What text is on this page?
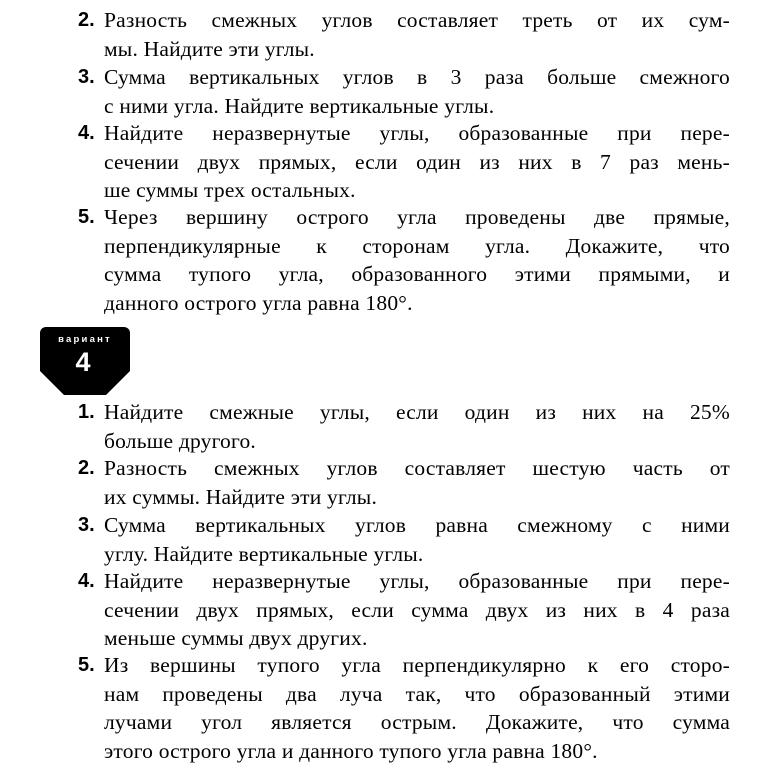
2. Разность смежных углов составляет треть от их сум-
мы. Найдите эти углы.
3. Сумма вертикальных углов в 3 раза больше смежного
с ними угла. Найдите вертикальные углы.
4. Найдите неразвернутые углы, образованные при пере-
сечении двух прямых, если один из них в 7 раз мень-
ше суммы трех остальных.
5. Через вершину острого угла проведены две прямые,
перпендикулярные к сторонам угла. Докажите, что
сумма тупого угла, образованного этими прямыми, и
данного острого угла равна 180°.
вариант
4
1. Найдите смежные углы, если один из них на 25%
больше другого.
2. Разность смежных углов составляет шестую часть от
их суммы. Найдите эти углы.
3. Сумма вертикальных углов равна смежному с ними
углу. Найдите вертикальные углы.
4. Найдите неразвернутые углы, образованные при пере-
сечении двух прямых, если сумма двух из них в 4 раза
меньше суммы двух других.
5. Из вершины тупого угла перпендикулярно к его сторо-
нам проведены два луча так, что образованный этими
лучами угол является острым. Докажите, что сумма
этого острого угла и данного тупого угла равна 180°.
